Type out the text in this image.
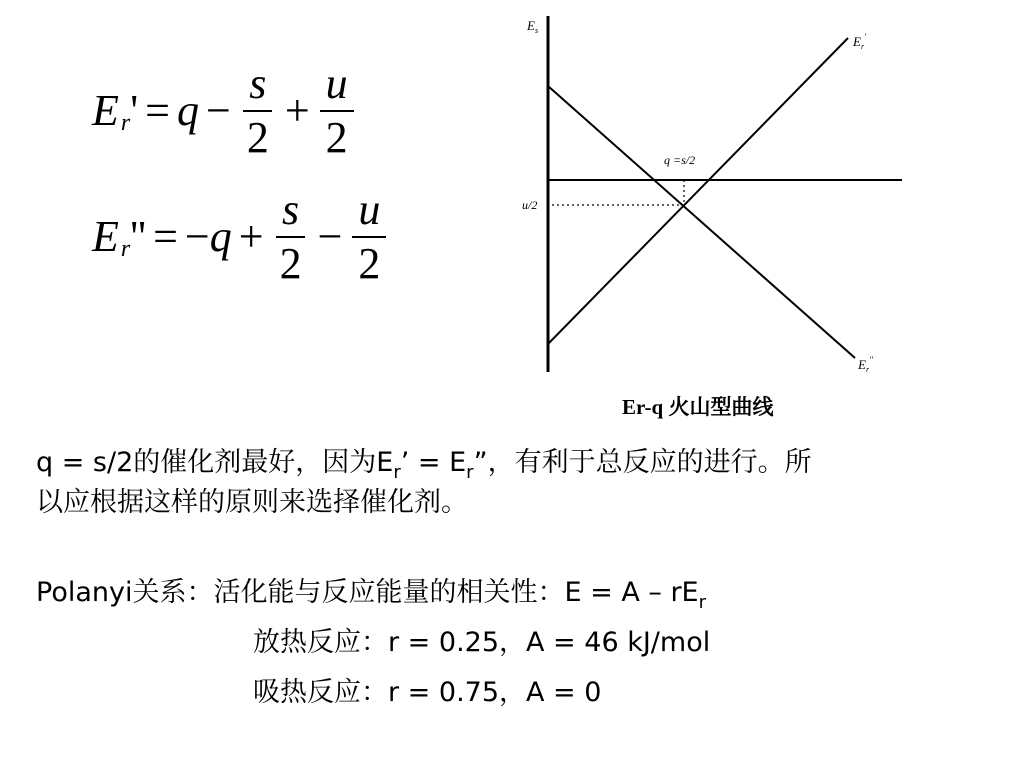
E r ' = $q - \frac{s}{2} + \frac{u}{2}$
E r '' = − $q + \frac{s}{2} - \frac{u}{2}$
$E_s$
$E_r'$
$E_r''$
q =s/2
u/2
Er-q 火山型曲线
q = s/2的催化剂最好，因为$E_r$’ = $E_r$”，有利于总反应的进行。所
以应根据这样的原则来选择催化剂。
Polanyi关系：活化能与反应能量的相关性：$E = A - rE_r$
放热反应：r = 0.25，A = 46 kJ/mol
吸热反应：r = 0.75，A = 0
